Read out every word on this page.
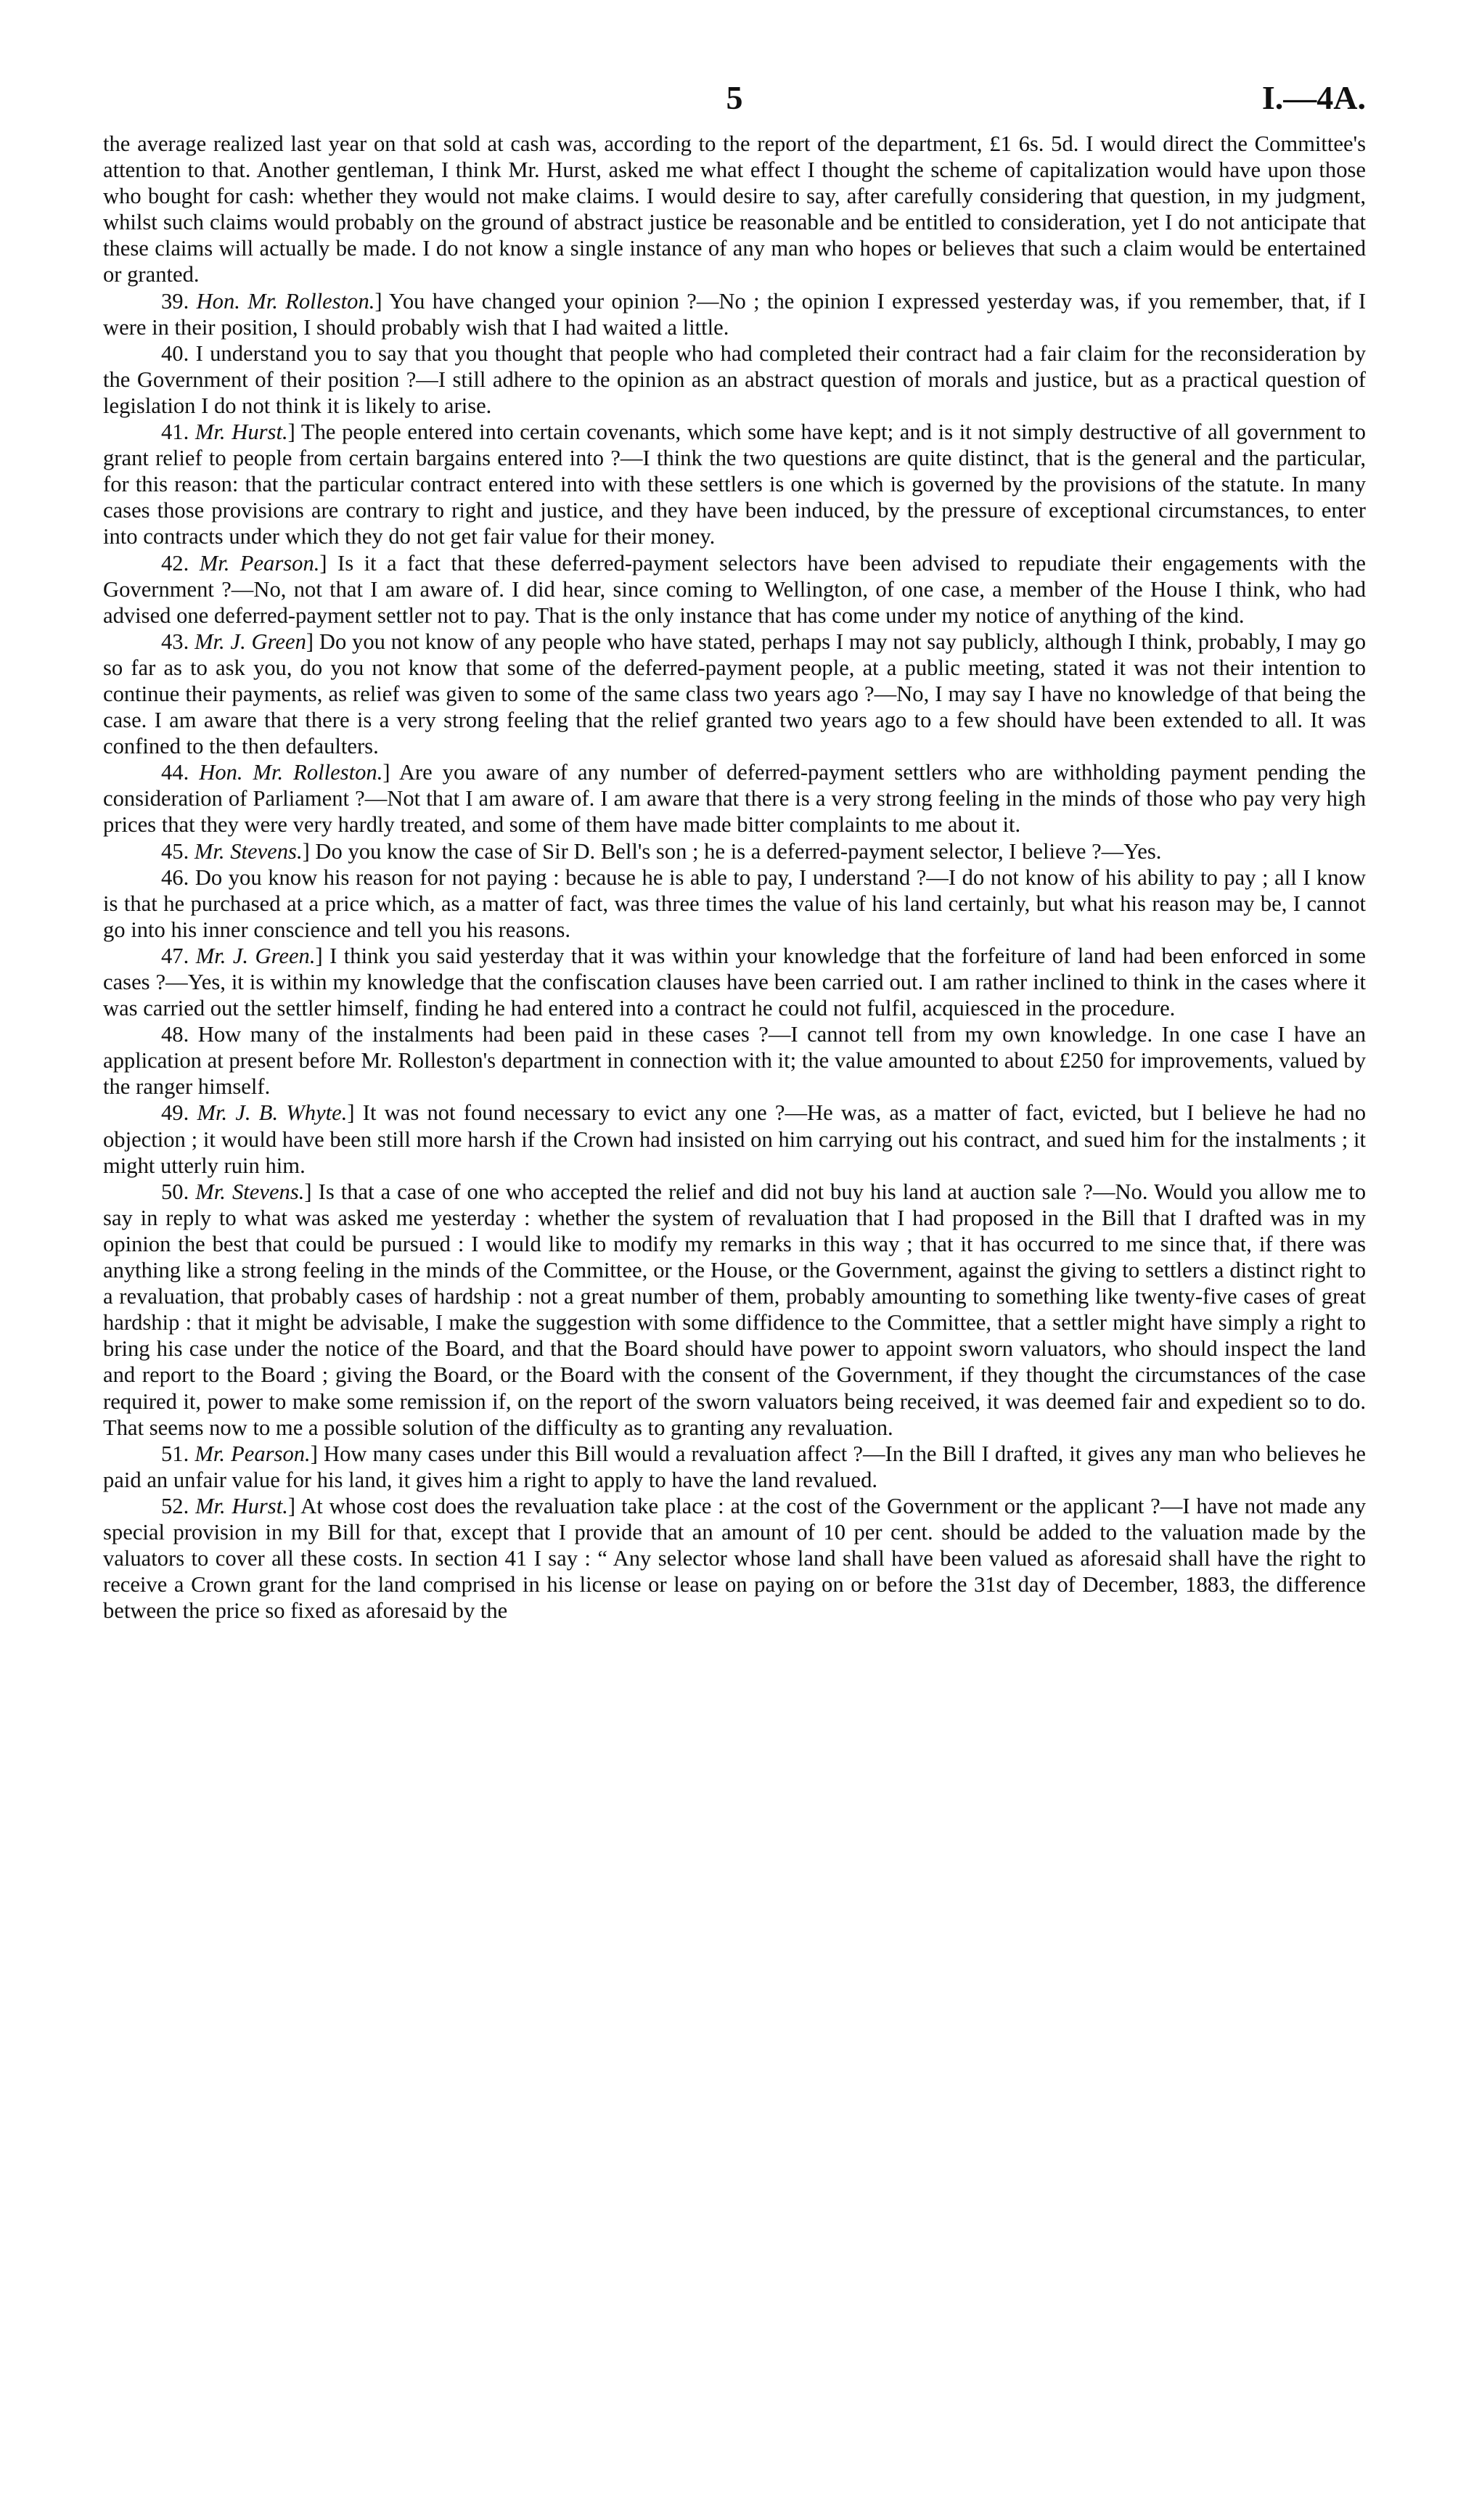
5	I.—4A.

the average realized last year on that sold at cash was, according to the report of the department, £1 6s. 5d. I would direct the Committee's attention to that. Another gentleman, I think Mr. Hurst, asked me what effect I thought the scheme of capitalization would have upon those who bought for cash: whether they would not make claims. I would desire to say, after carefully considering that question, in my judgment, whilst such claims would probably on the ground of abstract justice be reasonable and be entitled to consideration, yet I do not anticipate that these claims will actually be made. I do not know a single instance of any man who hopes or believes that such a claim would be entertained or granted.

39. Hon. Mr. Rolleston.] You have changed your opinion ?—No ; the opinion I expressed yesterday was, if you remember, that, if I were in their position, I should probably wish that I had waited a little.

40. I understand you to say that you thought that people who had completed their contract had a fair claim for the reconsideration by the Government of their position ?—I still adhere to the opinion as an abstract question of morals and justice, but as a practical question of legislation I do not think it is likely to arise.

41. Mr. Hurst.] The people entered into certain covenants, which some have kept; and is it not simply destructive of all government to grant relief to people from certain bargains entered into ?—I think the two questions are quite distinct, that is the general and the particular, for this reason: that the particular contract entered into with these settlers is one which is governed by the provisions of the statute. In many cases those provisions are contrary to right and justice, and they have been induced, by the pressure of exceptional circumstances, to enter into contracts under which they do not get fair value for their money.

42. Mr. Pearson.] Is it a fact that these deferred-payment selectors have been advised to repudiate their engagements with the Government ?—No, not that I am aware of. I did hear, since coming to Wellington, of one case, a member of the House I think, who had advised one deferred-payment settler not to pay. That is the only instance that has come under my notice of anything of the kind.

43. Mr. J. Green] Do you not know of any people who have stated, perhaps I may not say publicly, although I think, probably, I may go so far as to ask you, do you not know that some of the deferred-payment people, at a public meeting, stated it was not their intention to continue their payments, as relief was given to some of the same class two years ago ?—No, I may say I have no knowledge of that being the case. I am aware that there is a very strong feeling that the relief granted two years ago to a few should have been extended to all. It was confined to the then defaulters.

44. Hon. Mr. Rolleston.] Are you aware of any number of deferred-payment settlers who are withholding payment pending the consideration of Parliament ?—Not that I am aware of. I am aware that there is a very strong feeling in the minds of those who pay very high prices that they were very hardly treated, and some of them have made bitter complaints to me about it.

45. Mr. Stevens.] Do you know the case of Sir D. Bell's son ; he is a deferred-payment selector, I believe ?—Yes.

46. Do you know his reason for not paying : because he is able to pay, I understand ?—I do not know of his ability to pay ; all I know is that he purchased at a price which, as a matter of fact, was three times the value of his land certainly, but what his reason may be, I cannot go into his inner conscience and tell you his reasons.

47. Mr. J. Green.] I think you said yesterday that it was within your knowledge that the forfeiture of land had been enforced in some cases ?—Yes, it is within my knowledge that the confiscation clauses have been carried out. I am rather inclined to think in the cases where it was carried out the settler himself, finding he had entered into a contract he could not fulfil, acquiesced in the procedure.

48. How many of the instalments had been paid in these cases ?—I cannot tell from my own knowledge. In one case I have an application at present before Mr. Rolleston's department in connection with it; the value amounted to about £250 for improvements, valued by the ranger himself.

49. Mr. J. B. Whyte.] It was not found necessary to evict any one ?—He was, as a matter of fact, evicted, but I believe he had no objection ; it would have been still more harsh if the Crown had insisted on him carrying out his contract, and sued him for the instalments ; it might utterly ruin him.

50. Mr. Stevens.] Is that a case of one who accepted the relief and did not buy his land at auction sale ?—No. Would you allow me to say in reply to what was asked me yesterday : whether the system of revaluation that I had proposed in the Bill that I drafted was in my opinion the best that could be pursued : I would like to modify my remarks in this way ; that it has occurred to me since that, if there was anything like a strong feeling in the minds of the Committee, or the House, or the Government, against the giving to settlers a distinct right to a revaluation, that probably cases of hardship : not a great number of them, probably amounting to something like twenty-five cases of great hardship : that it might be advisable, I make the suggestion with some diffidence to the Committee, that a settler might have simply a right to bring his case under the notice of the Board, and that the Board should have power to appoint sworn valuators, who should inspect the land and report to the Board ; giving the Board, or the Board with the consent of the Government, if they thought the circumstances of the case required it, power to make some remission if, on the report of the sworn valuators being received, it was deemed fair and expedient so to do. That seems now to me a possible solution of the difficulty as to granting any revaluation.

51. Mr. Pearson.] How many cases under this Bill would a revaluation affect ?—In the Bill I drafted, it gives any man who believes he paid an unfair value for his land, it gives him a right to apply to have the land revalued.

52. Mr. Hurst.] At whose cost does the revaluation take place : at the cost of the Government or the applicant ?—I have not made any special provision in my Bill for that, except that I provide that an amount of 10 per cent. should be added to the valuation made by the valuators to cover all these costs. In section 41 I say : “ Any selector whose land shall have been valued as aforesaid shall have the right to receive a Crown grant for the land comprised in his license or lease on paying on or before the 31st day of December, 1883, the difference between the price so fixed as aforesaid by the
